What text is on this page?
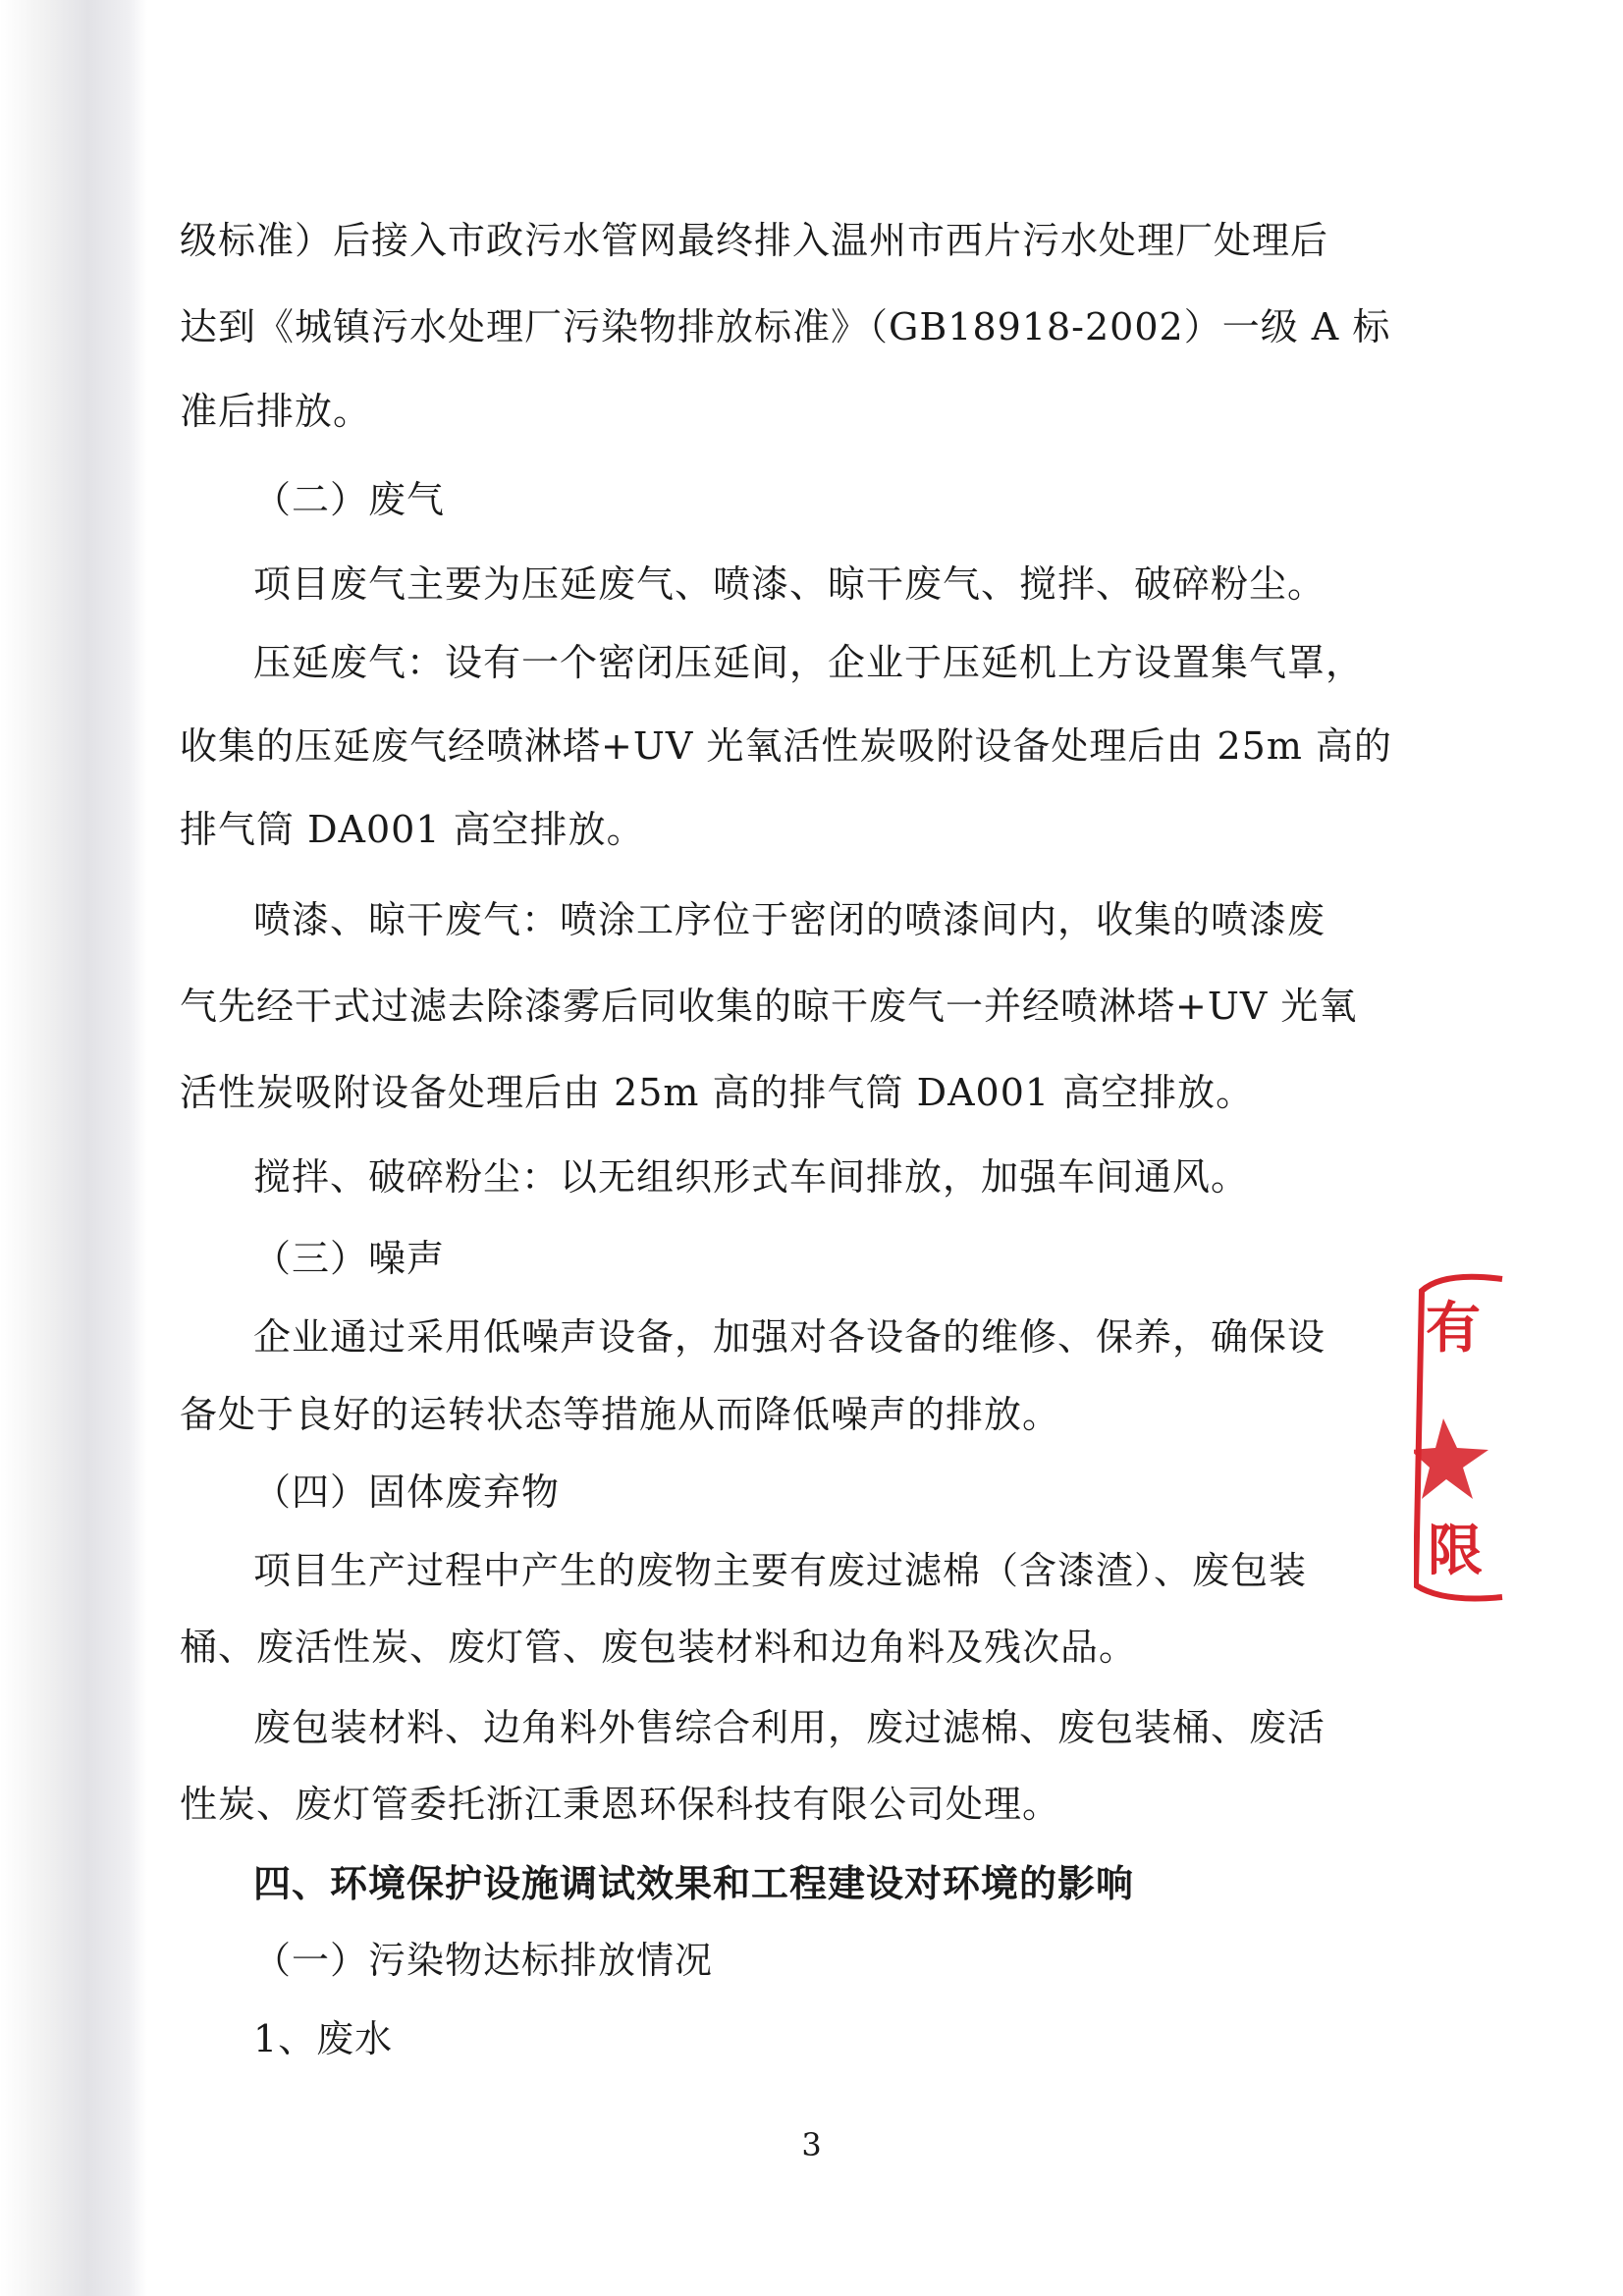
级标准）后接入市政污水管网最终排入温州市西片污水处理厂处理后
达到《城镇污水处理厂污染物排放标准》（GB18918-2002）一级 A 标
准后排放。
（二）废气
项目废气主要为压延废气、喷漆、晾干废气、搅拌、破碎粉尘。
压延废气：设有一个密闭压延间，企业于压延机上方设置集气罩，
收集的压延废气经喷淋塔+UV 光氧活性炭吸附设备处理后由 25m 高的
排气筒 DA001 高空排放。
喷漆、晾干废气：喷涂工序位于密闭的喷漆间内，收集的喷漆废
气先经干式过滤去除漆雾后同收集的晾干废气一并经喷淋塔+UV 光氧
活性炭吸附设备处理后由 25m 高的排气筒 DA001 高空排放。
搅拌、破碎粉尘：以无组织形式车间排放，加强车间通风。
（三）噪声
企业通过采用低噪声设备，加强对各设备的维修、保养，确保设
备处于良好的运转状态等措施从而降低噪声的排放。
（四）固体废弃物
项目生产过程中产生的废物主要有废过滤棉（含漆渣）、废包装
桶、废活性炭、废灯管、废包装材料和边角料及残次品。
废包装材料、边角料外售综合利用，废过滤棉、废包装桶、废活
性炭、废灯管委托浙江秉恩环保科技有限公司处理。
四、环境保护设施调试效果和工程建设对环境的影响
（一）污染物达标排放情况
1、废水
3
有
限
